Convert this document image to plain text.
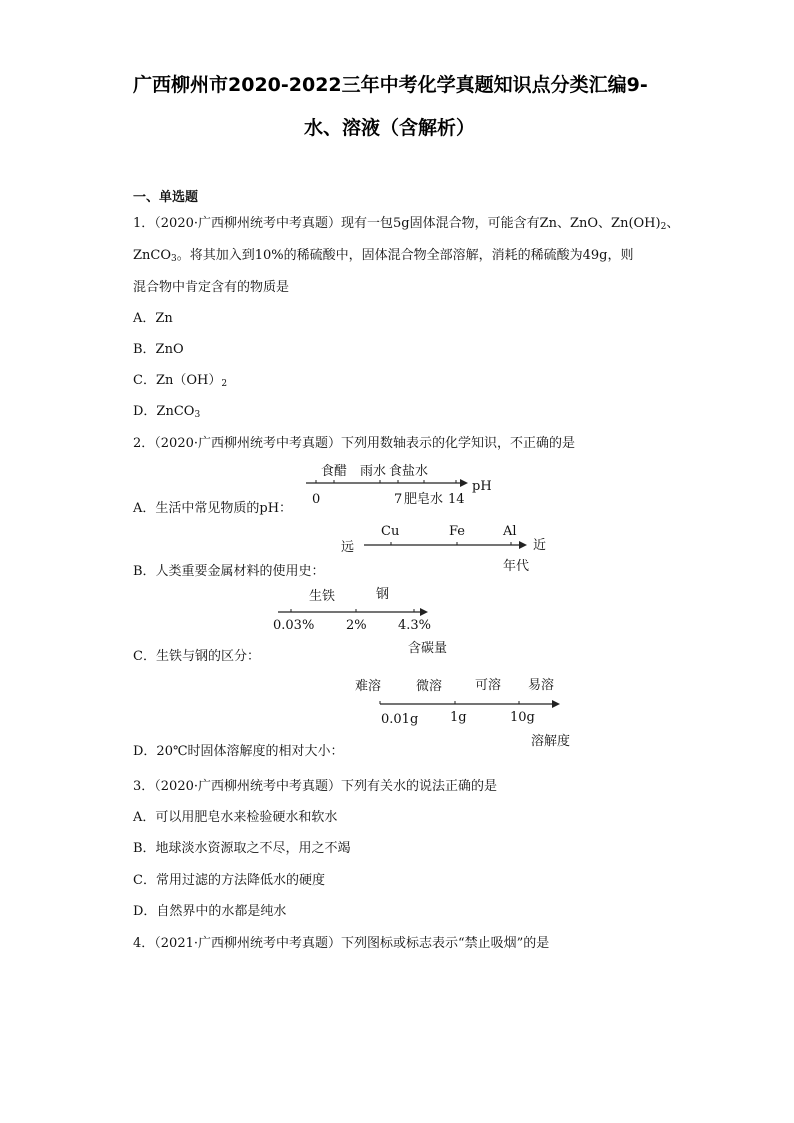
广西柳州市2020-2022三年中考化学真题知识点分类汇编9-
水、溶液（含解析）
一、单选题
1．（2020·广西柳州统考中考真题）现有一包5g固体混合物，可能含有Zn、ZnO、$Zn(OH)_2$、
ZnCO$_3$。将其加入到10%的稀硫酸中，固体混合物全部溶解，消耗的稀硫酸为49g，则
混合物中肯定含有的物质是
A．Zn
B．ZnO
C．$Zn(OH)_2$
D．ZnCO$_3$
2．（2020·广西柳州统考中考真题）下列用数轴表示的化学知识，不正确的是
食醋 雨水 食盐水
0	7 肥皂水 14
pH
A．生活中常见物质的pH：
远	近
Cu	Fe	Al
年代
B．人类重要金属材料的使用史：
生铁	钢
0.03% 2% 4.3%
含碳量
C．生铁与钢的区分：
难溶	微溶	可溶 易溶
0.01g 1g	10g
溶解度
D．20℃时固体溶解度的相对大小：
3．（2020·广西柳州统考中考真题）下列有关水的说法正确的是
A．可以用肥皂水来检验硬水和软水
B．地球淡水资源取之不尽，用之不竭
C．常用过滤的方法降低水的硬度
D．自然界中的水都是纯水
4．（2021·广西柳州统考中考真题）下列图标或标志表示“禁止吸烟”的是
